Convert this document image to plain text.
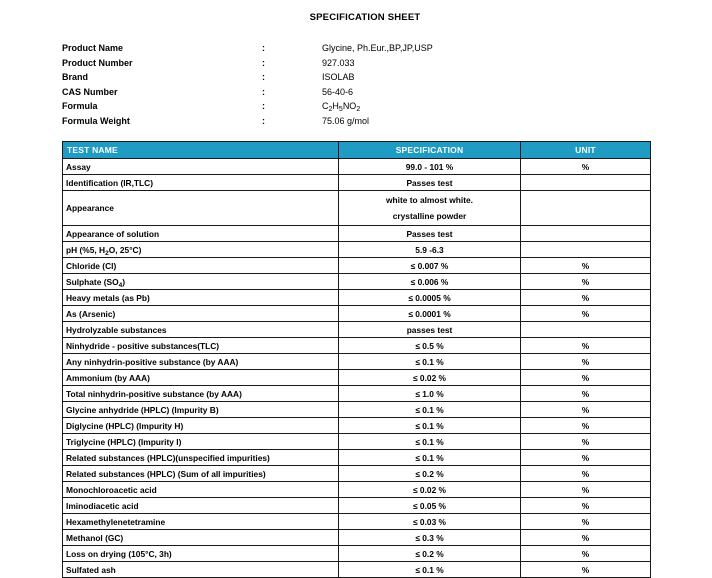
SPECIFICATION SHEET
Product Name	:	Glycine, Ph.Eur.,BP,JP,USP
Product Number	:	927.033
Brand	:	ISOLAB
CAS Number	:	56-40-6
Formula	:	$C_2H_5NO_2$
Formula Weight	:	75.06 g/mol
TEST NAME	SPECIFICATION	UNIT
Assay	99.0 - 101 %	%
Identification (IR,TLC)	Passes test	
Appearance	white to almost white.
crystalline powder	
Appearance of solution	Passes test	
pH (%5, $H_2O$, 25°C)	5.9 -6.3	
Chloride (Cl)	≤ 0.007 %	%
Sulphate $(SO_4)$	≤ 0.006 %	%
Heavy metals (as Pb)	≤ 0.0005 %	%
As (Arsenic)	≤ 0.0001 %	%
Hydrolyzable substances	passes test	
Ninhydride - positive substances(TLC)	≤ 0.5 %	%
Any ninhydrin-positive substance (by AAA)	≤ 0.1 %	%
Ammonium (by AAA)	≤ 0.02 %	%
Total ninhydrin-positive substance (by AAA)	≤ 1.0 %	%
Glycine anhydride (HPLC) (Impurity B)	≤ 0.1 %	%
Diglycine (HPLC) (Impurity H)	≤ 0.1 %	%
Triglycine (HPLC) (Impurity I)	≤ 0.1 %	%
Related substances (HPLC)(unspecified impurities)	≤ 0.1 %	%
Related substances (HPLC) (Sum of all impurities)	≤ 0.2 %	%
Monochloroacetic acid	≤ 0.02 %	%
Iminodiacetic acid	≤ 0.05 %	%
Hexamethylenetetramine	≤ 0.03 %	%
Methanol (GC)	≤ 0.3 %	%
Loss on drying (105°C, 3h)	≤ 0.2 %	%
Sulfated ash	≤ 0.1 %	%
